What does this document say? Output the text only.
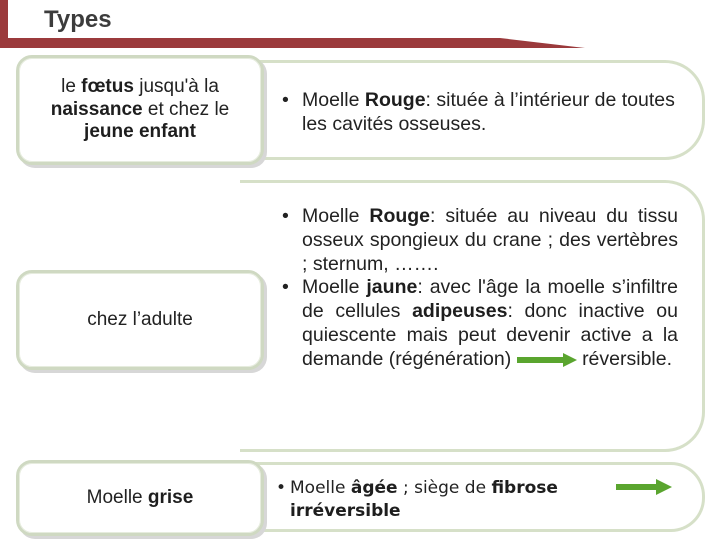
Types
• Moelle Rouge: située à l’intérieur de toutes les cavités osseuses.
le fœtus jusqu'à la naissance et chez le jeune enfant
• Moelle Rouge: située au niveau du tissu osseux spongieux du crane ; des vertèbres ; sternum, …….
• Moelle jaune: avec l'âge la moelle s’infiltre de cellules adipeuses: donc inactive ou quiescente mais peut devenir active a la demande (régénération)	réversible.
chez l’adulte
• Moelle âgée ; siège de fibrose
irréversible
Moelle grise
